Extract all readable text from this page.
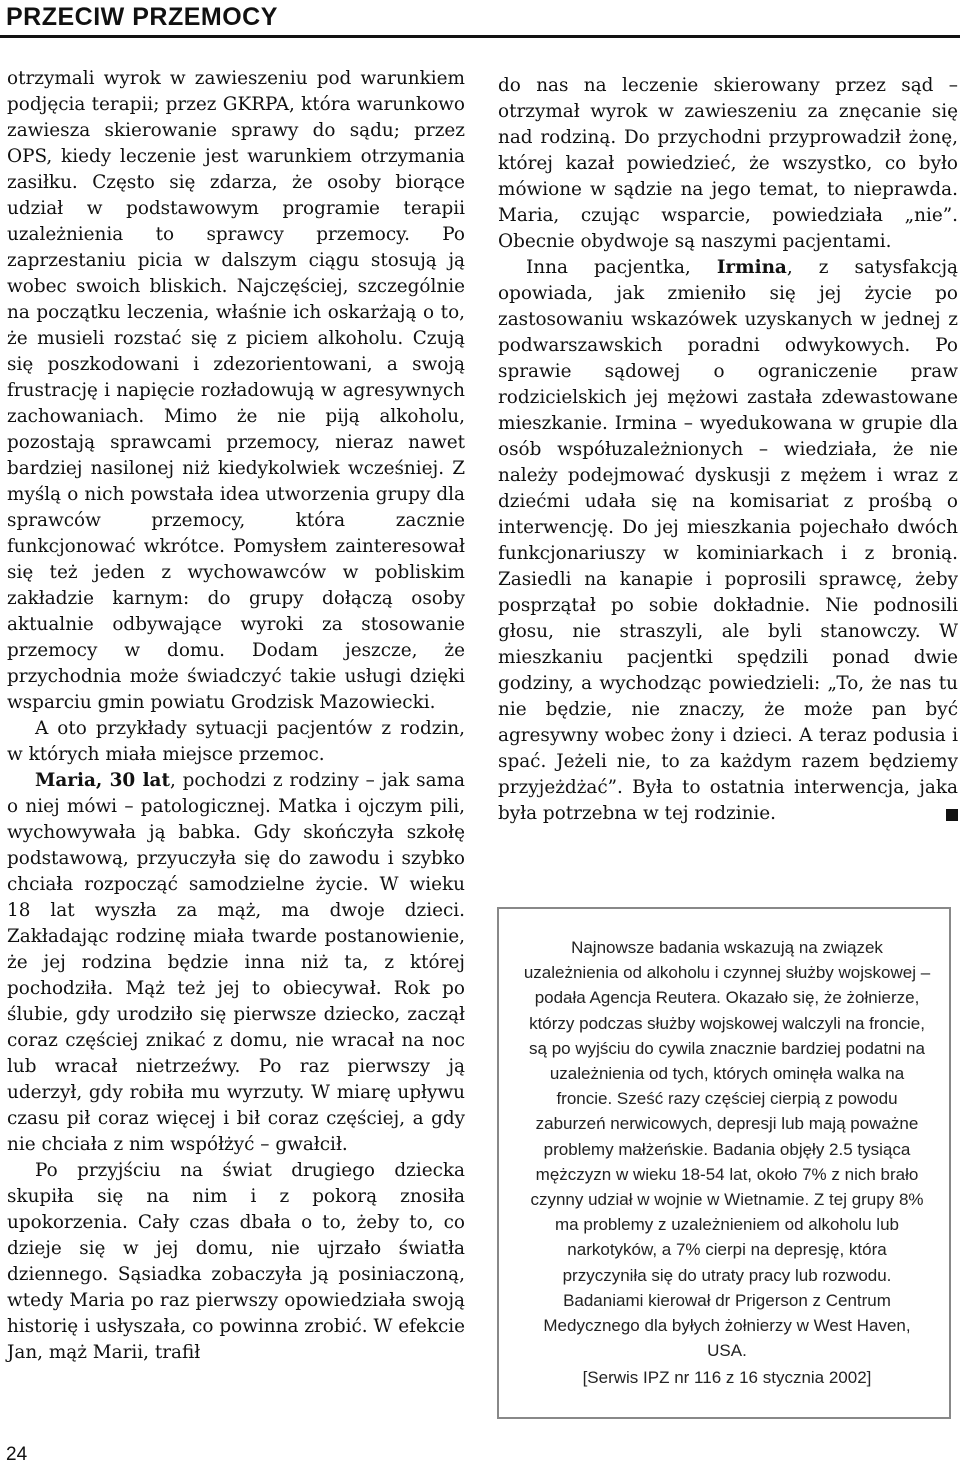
PRZECIW PRZEMOCY

otrzymali wyrok w zawieszeniu pod warunkiem podjęcia terapii; przez GKRPA, która warunkowo zawiesza skierowanie sprawy do sądu; przez OPS, kiedy leczenie jest warunkiem otrzymania zasiłku. Często się zdarza, że osoby biorące udział w podstawowym programie terapii uzależnienia to sprawcy przemocy. Po zaprzestaniu picia w dalszym ciągu stosują ją wobec swoich bliskich. Najczęściej, szczególnie na początku leczenia, właśnie ich oskarżają o to, że musieli rozstać się z piciem alkoholu. Czują się poszkodowani i zdezorientowani, a swoją frustrację i napięcie rozładowują w agresywnych zachowaniach. Mimo że nie piją alkoholu, pozostają sprawcami przemocy, nieraz nawet bardziej nasilonej niż kiedykolwiek wcześniej. Z myślą o nich powstała idea utworzenia grupy dla sprawców przemocy, która zacznie funkcjonować wkrótce. Pomysłem zainteresował się też jeden z wychowawców w pobliskim zakładzie karnym: do grupy dołączą osoby aktualnie odbywające wyroki za stosowanie przemocy w domu. Dodam jeszcze, że przychodnia może świadczyć takie usługi dzięki wsparciu gmin powiatu Grodzisk Mazowiecki.

A oto przykłady sytuacji pacjentów z rodzin, w których miała miejsce przemoc.

Maria, 30 lat, pochodzi z rodziny – jak sama o niej mówi – patologicznej. Matka i ojczym pili, wychowywała ją babka. Gdy skończyła szkołę podstawową, przyuczyła się do zawodu i szybko chciała rozpocząć samodzielne życie. W wieku 18 lat wyszła za mąż, ma dwoje dzieci. Zakładając rodzinę miała twarde postanowienie, że jej rodzina będzie inna niż ta, z której pochodziła. Mąż też jej to obiecywał. Rok po ślubie, gdy urodziło się pierwsze dziecko, zaczął coraz częściej znikać z domu, nie wracał na noc lub wracał nietrzeźwy. Po raz pierwszy ją uderzył, gdy robiła mu wyrzuty. W miarę upływu czasu pił coraz więcej i bił coraz częściej, a gdy nie chciała z nim współżyć – gwałcił.

Po przyjściu na świat drugiego dziecka skupiła się na nim i z pokorą znosiła upokorzenia. Cały czas dbała o to, żeby to, co dzieje się w jej domu, nie ujrzało światła dziennego. Sąsiadka zobaczyła ją posiniaczoną, wtedy Maria po raz pierwszy opowiedziała swoją historię i usłyszała, co powinna zrobić. W efekcie Jan, mąż Marii, trafił

do nas na leczenie skierowany przez sąd – otrzymał wyrok w zawieszeniu za znęcanie się nad rodziną. Do przychodni przyprowadził żonę, której kazał powiedzieć, że wszystko, co było mówione w sądzie na jego temat, to nieprawda. Maria, czując wsparcie, powiedziała „nie”. Obecnie obydwoje są naszymi pacjentami.

Inna pacjentka, Irmina, z satysfakcją opowiada, jak zmieniło się jej życie po zastosowaniu wskazówek uzyskanych w jednej z podwarszawskich poradni odwykowych. Po sprawie sądowej o ograniczenie praw rodzicielskich jej mężowi zastała zdewastowane mieszkanie. Irmina – wyedukowana w grupie dla osób współuzależnionych – wiedziała, że nie należy podejmować dyskusji z mężem i wraz z dziećmi udała się na komisariat z prośbą o interwencję. Do jej mieszkania pojechało dwóch funkcjonariuszy w kominiarkach i z bronią. Zasiedli na kanapie i poprosili sprawcę, żeby posprzątał po sobie dokładnie. Nie podnosili głosu, nie straszyli, ale byli stanowczy. W mieszkaniu pacjentki spędzili ponad dwie godziny, a wychodząc powiedzieli: „To, że nas tu nie będzie, nie znaczy, że może pan być agresywny wobec żony i dzieci. A teraz podusia i spać. Jeżeli nie, to za każdym razem będziemy przyjeżdżać”. Była to ostatnia interwencja, jaka była potrzebna w tej rodzinie.

Najnowsze badania wskazują na związek uzależnienia od alkoholu i czynnej służby wojskowej – podała Agencja Reutera. Okazało się, że żołnierze, którzy podczas służby wojskowej walczyli na froncie, są po wyjściu do cywila znacznie bardziej podatni na uzależnienia od tych, których ominęła walka na froncie. Sześć razy częściej cierpią z powodu zaburzeń nerwicowych, depresji lub mają poważne problemy małżeńskie. Badania objęły 2.5 tysiąca mężczyzn w wieku 18-54 lat, około 7% z nich brało czynny udział w wojnie w Wietnamie. Z tej grupy 8% ma problemy z uzależnieniem od alkoholu lub narkotyków, a 7% cierpi na depresję, która przyczyniła się do utraty pracy lub rozwodu. Badaniami kierował dr Prigerson z Centrum Medycznego dla byłych żołnierzy w West Haven, USA.

[Serwis IPZ nr 116 z 16 stycznia 2002]

24
